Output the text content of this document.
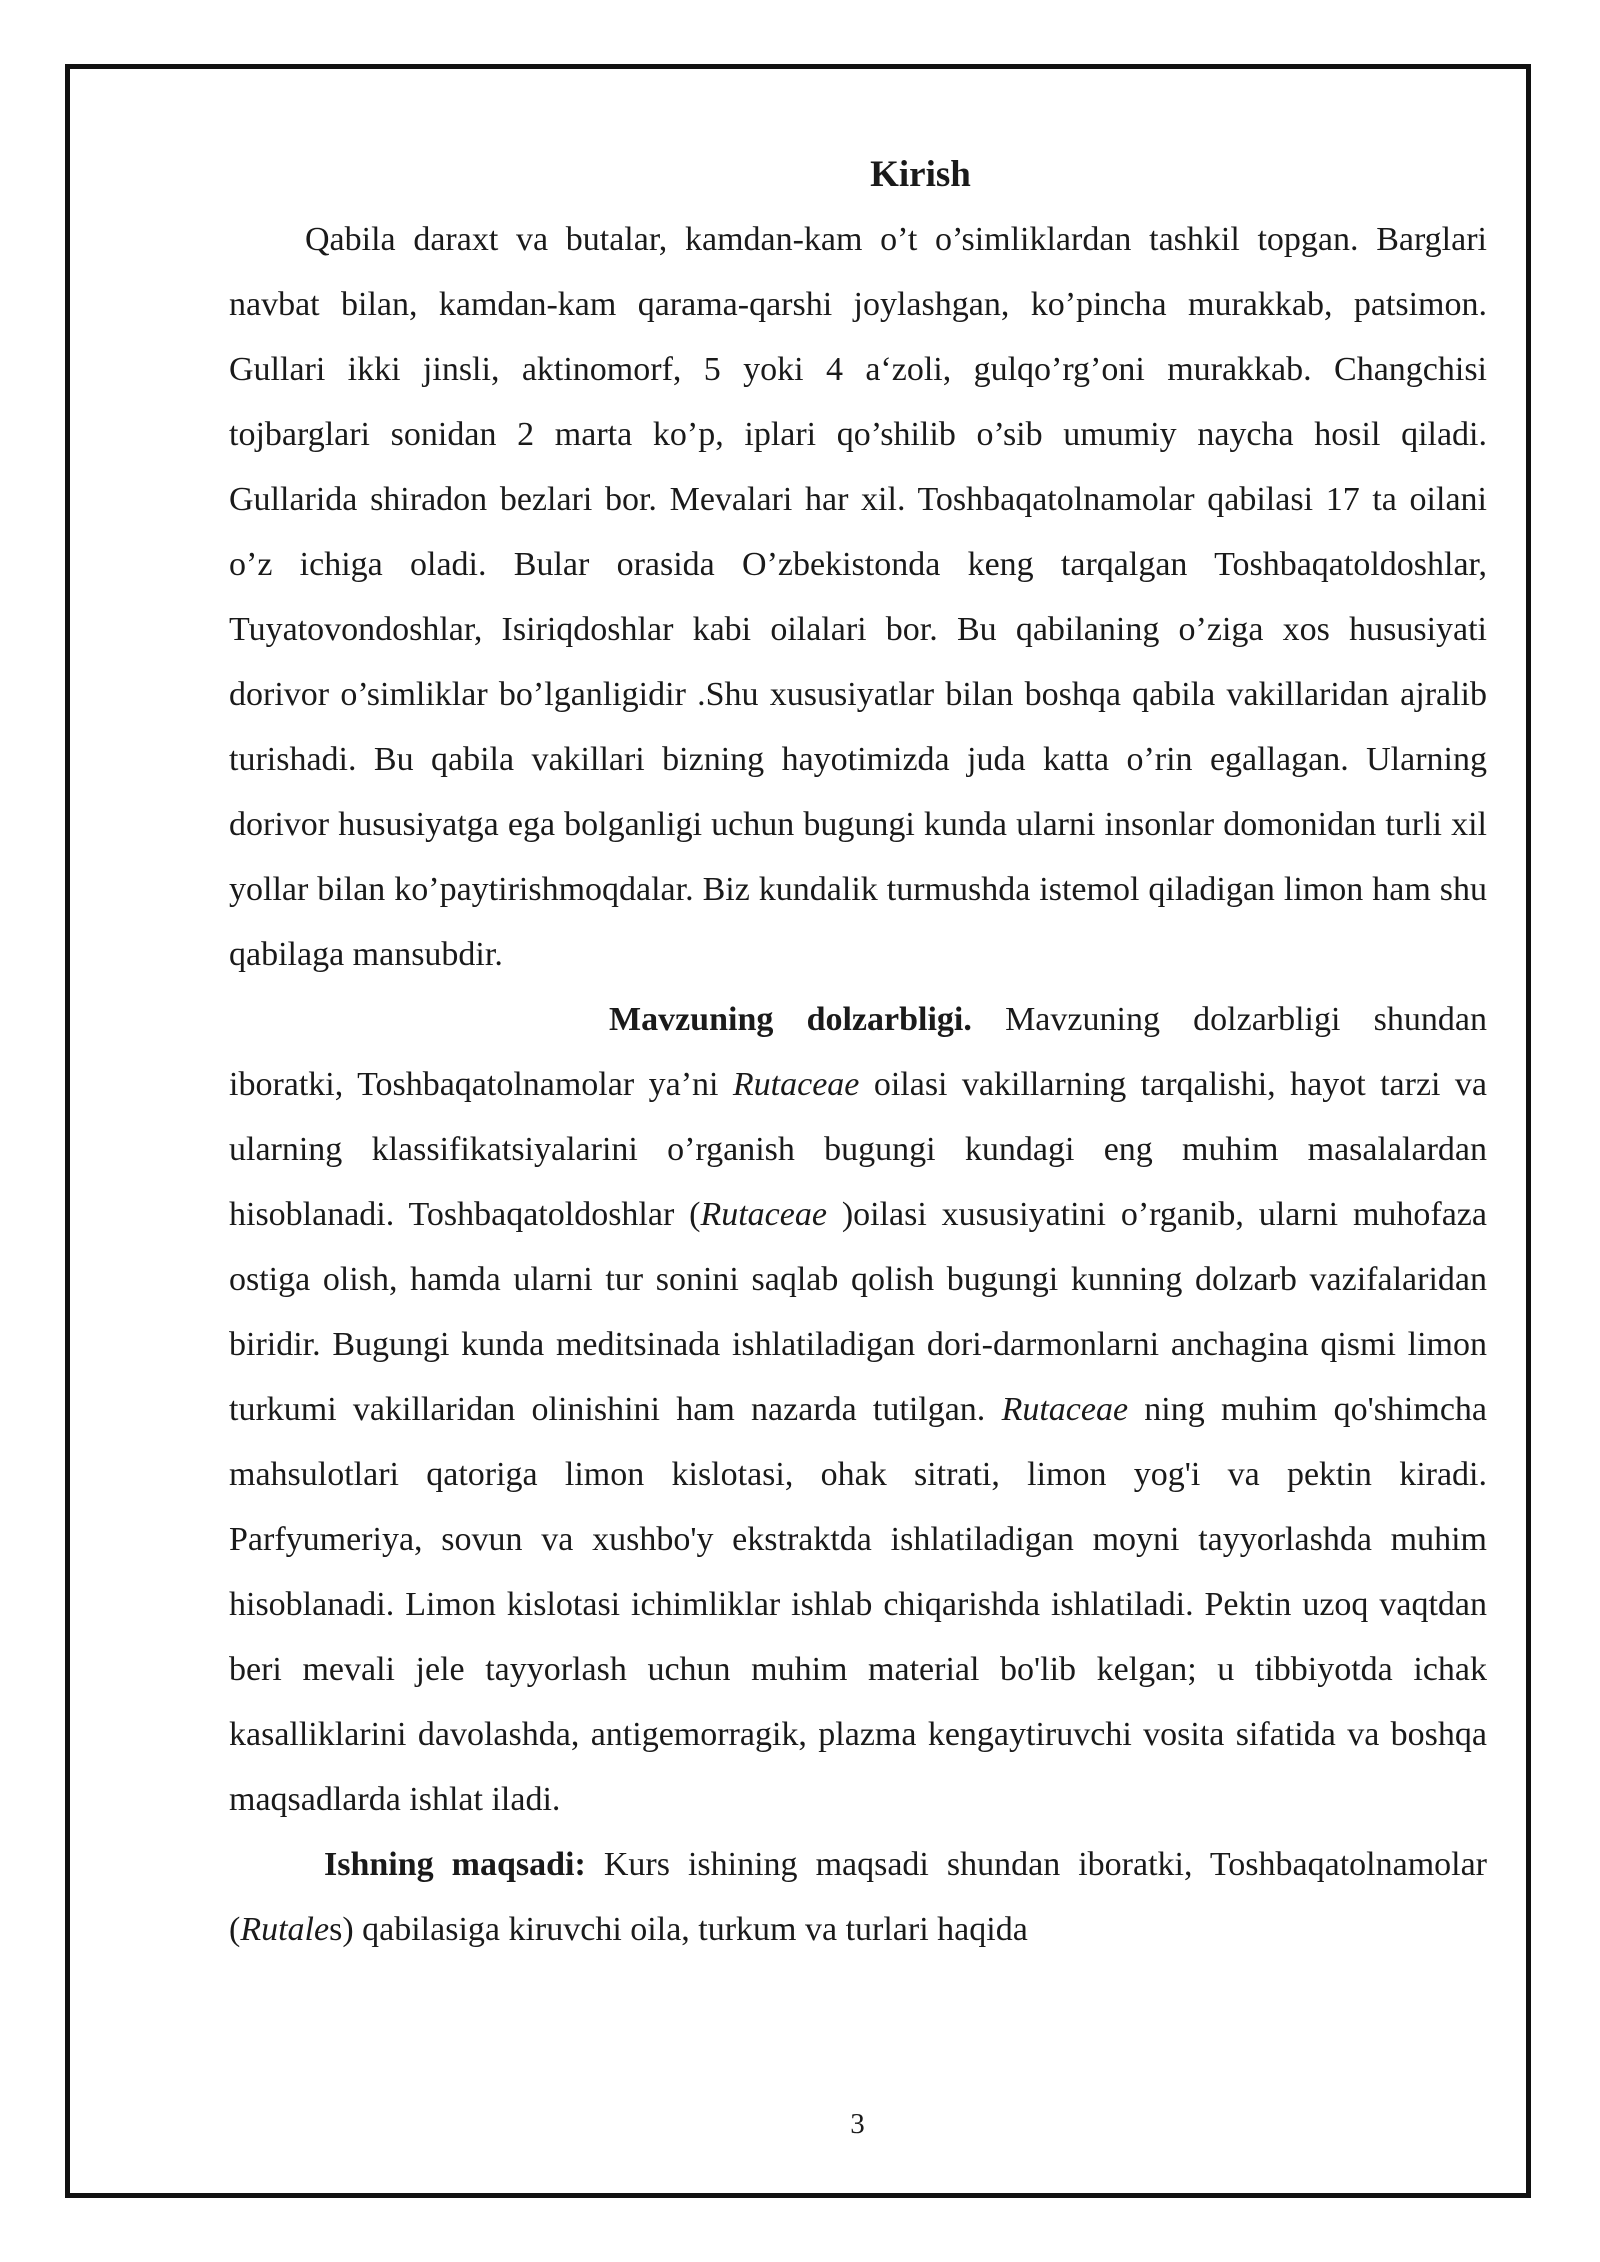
Kirish

Qabila daraxt va butalar, kamdan-kam o’t o’simliklardan tashkil topgan. Barglari navbat bilan, kamdan-kam qarama-qarshi joylashgan, ko’pincha murakkab, patsimon. Gullari ikki jinsli, aktinomorf, 5 yoki 4 a‘zoli, gulqo’rg’oni murakkab. Changchisi tojbarglari sonidan 2 marta ko’p, iplari qo’shilib o’sib umumiy naycha hosil qiladi. Gullarida shiradon bezlari bor. Mevalari har xil. Toshbaqatolnamolar qabilasi 17 ta oilani o’z ichiga oladi. Bular orasida O’zbekistonda keng tarqalgan Toshbaqatoldoshlar, Tuyatovondoshlar, Isiriqdoshlar kabi oilalari bor. Bu qabilaning o’ziga xos hususiyati dorivor o’simliklar bo’lganligidir .Shu xususiyatlar bilan boshqa qabila vakillaridan ajralib turishadi. Bu qabila vakillari bizning hayotimizda juda katta o’rin egallagan. Ularning dorivor hususiyatga ega bolganligi uchun bugungi kunda ularni insonlar domonidan turli xil yollar bilan ko’paytirishmoqdalar. Biz kundalik turmushda istemol qiladigan limon ham shu qabilaga mansubdir.

Mavzuning dolzarbligi. Mavzuning dolzarbligi shundan iboratki, Toshbaqatolnamolar ya’ni Rutaceae oilasi vakillarning tarqalishi, hayot tarzi va ularning klassifikatsiyalarini o’rganish bugungi kundagi eng muhim masalalardan hisoblanadi. Toshbaqatoldoshlar (Rutaceae )oilasi xususiyatini o’rganib, ularni muhofaza ostiga olish, hamda ularni tur sonini saqlab qolish bugungi kunning dolzarb vazifalaridan biridir. Bugungi kunda meditsinada ishlatiladigan dori-darmonlarni anchagina qismi limon turkumi vakillaridan olinishini ham nazarda tutilgan. Rutaceae ning muhim qo'shimcha mahsulotlari qatoriga limon kislotasi, ohak sitrati, limon yog'i va pektin kiradi. Parfyumeriya, sovun va xushbo'y ekstraktda ishlatiladigan moyni tayyorlashda muhim hisoblanadi. Limon kislotasi ichimliklar ishlab chiqarishda ishlatiladi. Pektin uzoq vaqtdan beri mevali jele tayyorlash uchun muhim material bo'lib kelgan; u tibbiyotda ichak kasalliklarini davolashda, antigemorragik, plazma kengaytiruvchi vosita sifatida va boshqa maqsadlarda ishlat iladi.

Ishning maqsadi: Kurs ishining maqsadi shundan iboratki, Toshbaqatolnamolar (Rutales) qabilasiga kiruvchi oila, turkum va turlari haqida

3
